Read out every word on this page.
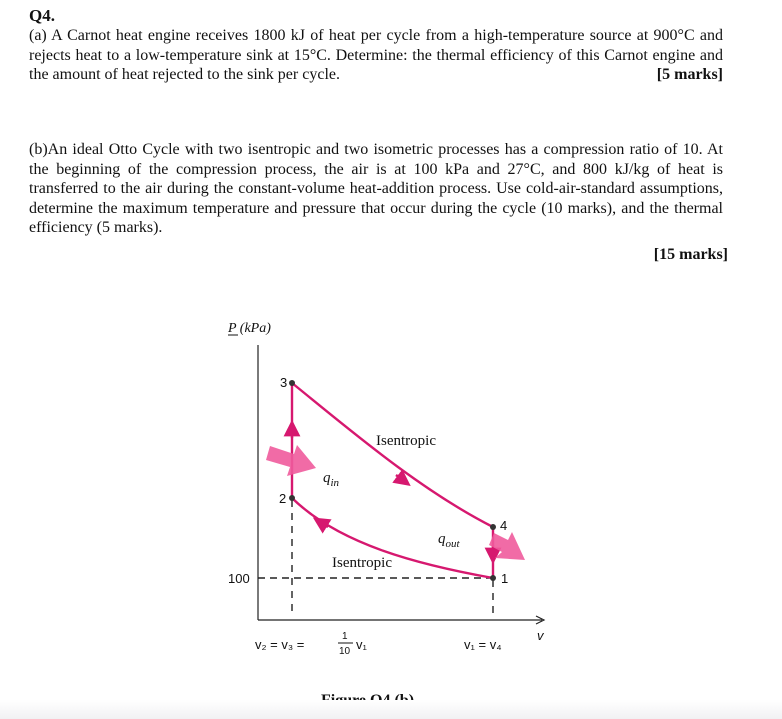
Q4.

(a) A Carnot heat engine receives 1800 kJ of heat per cycle from a high-temperature source at 900°C and rejects heat to a low-temperature sink at 15°C. Determine: the thermal efficiency of this Carnot engine and the amount of heat rejected to the sink per cycle.	[5 marks]

(b)An ideal Otto Cycle with two isentropic and two isometric processes has a compression ratio of 10. At the beginning of the compression process, the air is at 100 kPa and 27°C, and 800 kJ/kg of heat is transferred to the air during the constant-volume heat-addition process. Use cold-air-standard assumptions, determine the maximum temperature and pressure that occur during the cycle (10 marks), and the thermal efficiency (5 marks).

[15 marks]
P (kPa)
v
100	1
2
3
4
$q_{in}$
$q_{out}$
Isentropic
Isentropic
v₂ = v₃ =
1
10 v₁	v₁ = v₄
